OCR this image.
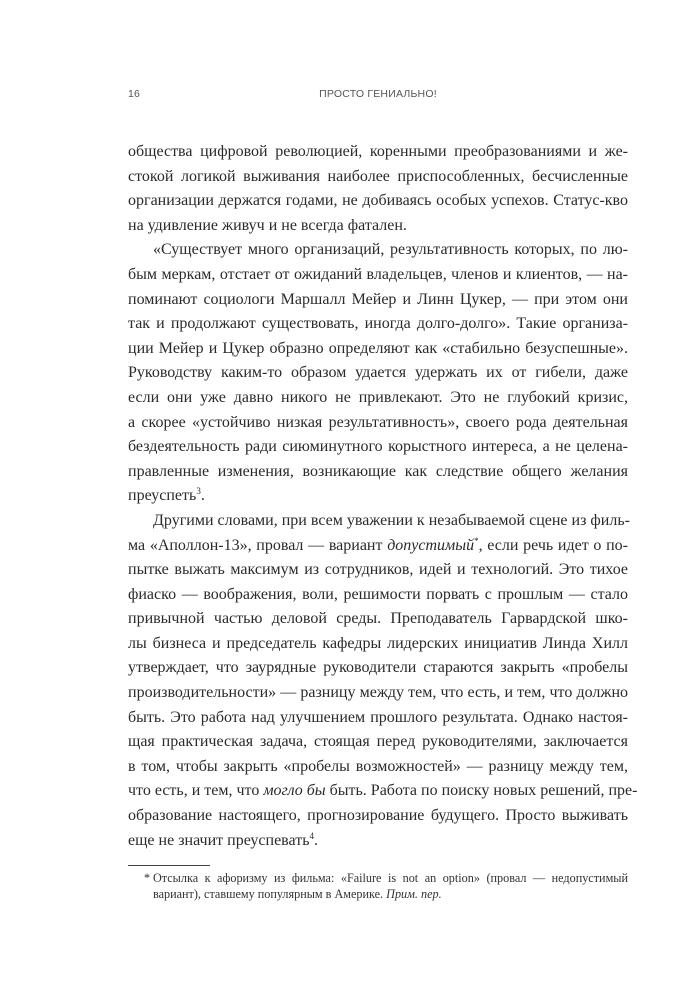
16	ПРОСТО ГЕНИАЛЬНО!
общества цифровой революцией, коренными преобразованиями и же-
стокой логикой выживания наиболее приспособленных, бесчисленные
организации держатся годами, не добиваясь особых успехов. Статус-кво
на удивление живуч и не всегда фатален.
«Существует много организаций, результативность которых, по лю-
бым меркам, отстает от ожиданий владельцев, членов и клиентов, — на-
поминают социологи Маршалл Мейер и Линн Цукер, — при этом они
так и продолжают существовать, иногда долго-долго». Такие организа-
ции Мейер и Цукер образно определяют как «стабильно безуспешные».
Руководству каким-то образом удается удержать их от гибели, даже
если они уже давно никого не привлекают. Это не глубокий кризис,
а скорее «устойчиво низкая результативность», своего рода деятельная
бездеятельность ради сиюминутного корыстного интереса, а не целена-
правленные изменения, возникающие как следствие общего желания
преуспеть$^3$.
Другими словами, при всем уважении к незабываемой сцене из филь-
ма «Аполлон-13», провал — вариант допустимый*, если речь идет о по-
пытке выжать максимум из сотрудников, идей и технологий. Это тихое
фиаско — воображения, воли, решимости порвать с прошлым — стало
привычной частью деловой среды. Преподаватель Гарвардской шко-
лы бизнеса и председатель кафедры лидерских инициатив Линда Хилл
утверждает, что заурядные руководители стараются закрыть «пробелы
производительности» — разницу между тем, что есть, и тем, что должно
быть. Это работа над улучшением прошлого результата. Однако настоя-
щая практическая задача, стоящая перед руководителями, заключается
в том, чтобы закрыть «пробелы возможностей» — разницу между тем,
что есть, и тем, что могло бы быть. Работа по поиску новых решений, пре-
образование настоящего, прогнозирование будущего. Просто выживать
еще не значит преуспевать$^4$.
* Отсылка к афоризму из фильма: «Failure is not an option» (провал — недопустимый
вариант), ставшему популярным в Америке. Прим. пер.
